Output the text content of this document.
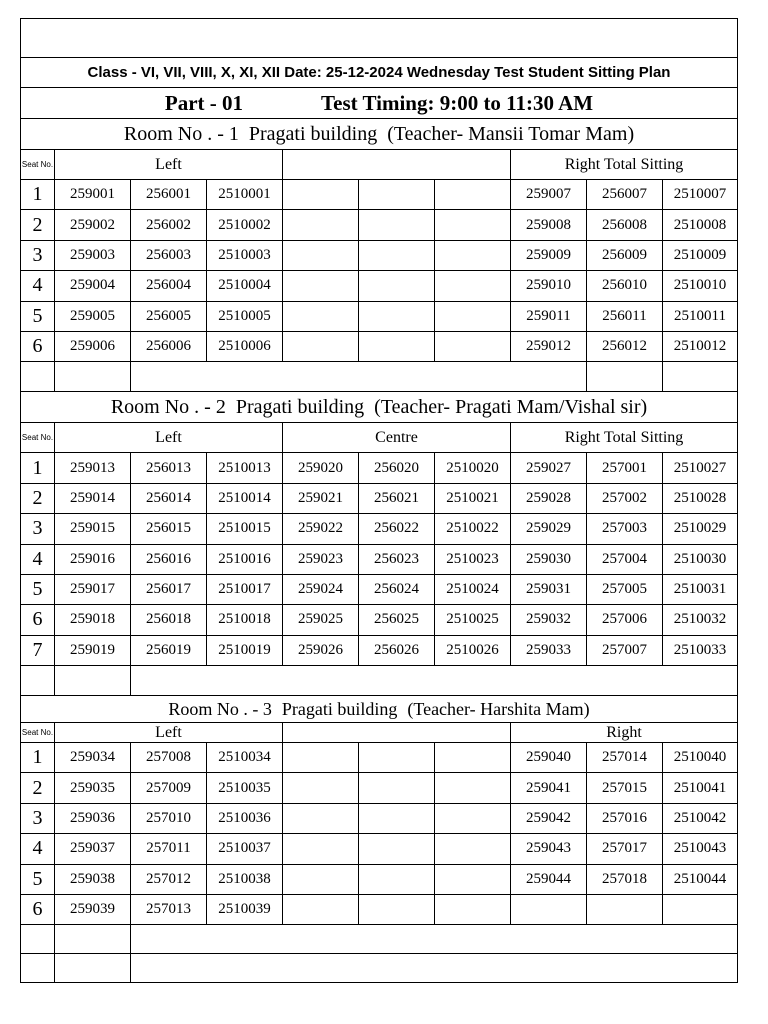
Class - VI, VII, VIII, X, XI, XII Date: 25-12-2024 Wednesday Test Student Sitting Plan									
Part - 01 Test Timing: 9:00 to 11:30 AM									
Room No . - 1 Pragati building (Teacher- Mansii Tomar Mam)									
Seat No.	Left						Right Total Sitting		
1	259001	256001	2510001				259007	256007	2510007
2	259002	256002	2510002				259008	256008	2510008
3	259003	256003	2510003				259009	256009	2510009
4	259004	256004	2510004				259010	256010	2510010
5	259005	256005	2510005				259011	256011	2510011
6	259006	256006	2510006				259012	256012	2510012

Room No . - 2 Pragati building (Teacher- Pragati Mam/Vishal sir)									
Seat No.	Left			Centre			Right Total Sitting		
1	259013	256013	2510013	259020	256020	2510020	259027	257001	2510027
2	259014	256014	2510014	259021	256021	2510021	259028	257002	2510028
3	259015	256015	2510015	259022	256022	2510022	259029	257003	2510029
4	259016	256016	2510016	259023	256023	2510023	259030	257004	2510030
5	259017	256017	2510017	259024	256024	2510024	259031	257005	2510031
6	259018	256018	2510018	259025	256025	2510025	259032	257006	2510032
7	259019	256019	2510019	259026	256026	2510026	259033	257007	2510033

Room No . - 3 Pragati building (Teacher- Harshita Mam)									
Seat No.	Left						Right		
1	259034	257008	2510034				259040	257014	2510040
2	259035	257009	2510035				259041	257015	2510041
3	259036	257010	2510036				259042	257016	2510042
4	259037	257011	2510037				259043	257017	2510043
5	259038	257012	2510038				259044	257018	2510044
6	259039	257013	2510039						
